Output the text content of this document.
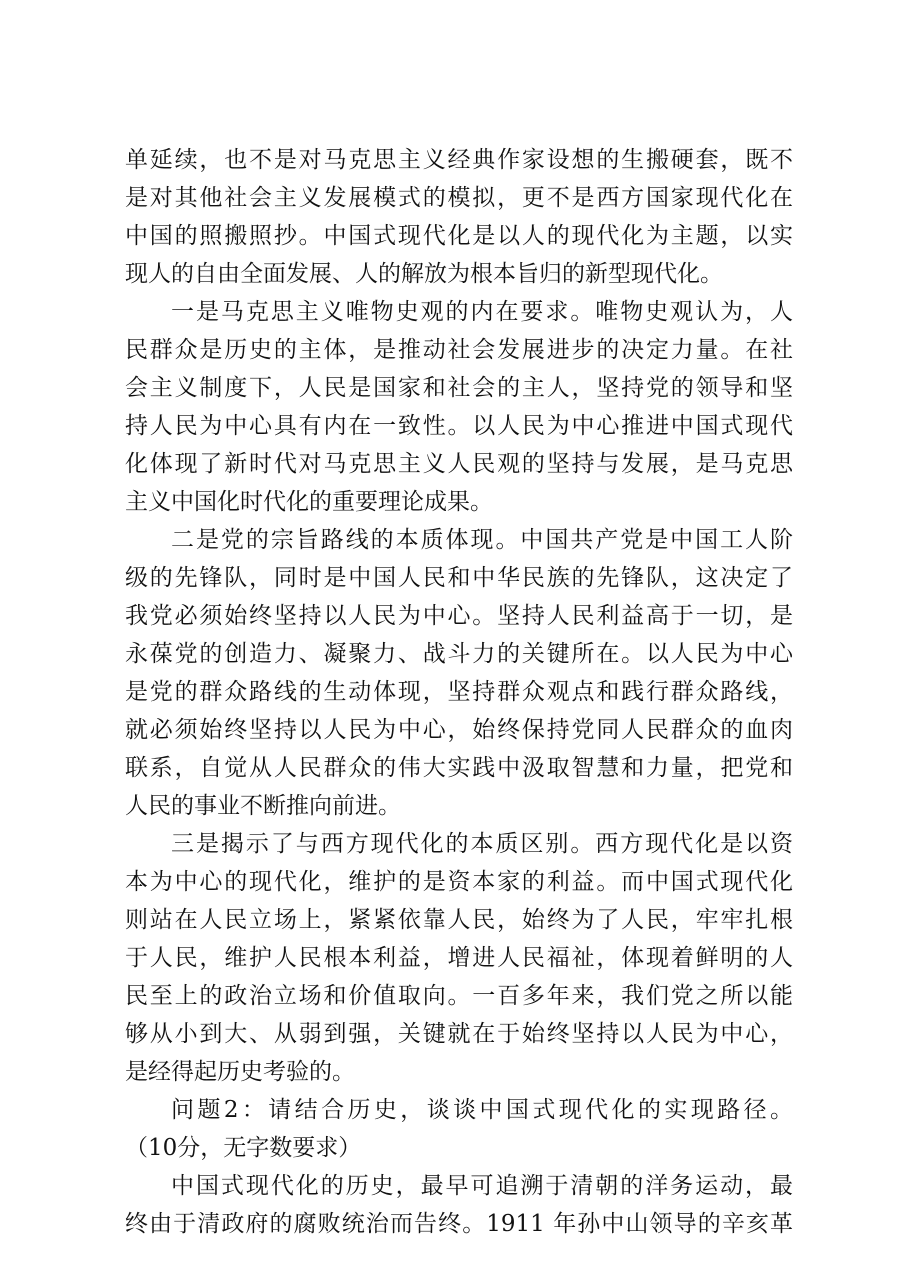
单延续，也不是对马克思主义经典作家设想的生搬硬套，既不
是对其他社会主义发展模式的模拟，更不是西方国家现代化在
中国的照搬照抄。中国式现代化是以人的现代化为主题，以实
现人的自由全面发展、人的解放为根本旨归的新型现代化。
一是马克思主义唯物史观的内在要求。唯物史观认为，人
民群众是历史的主体，是推动社会发展进步的决定力量。在社
会主义制度下，人民是国家和社会的主人，坚持党的领导和坚
持人民为中心具有内在一致性。以人民为中心推进中国式现代
化体现了新时代对马克思主义人民观的坚持与发展，是马克思
主义中国化时代化的重要理论成果。
二是党的宗旨路线的本质体现。中国共产党是中国工人阶
级的先锋队，同时是中国人民和中华民族的先锋队，这决定了
我党必须始终坚持以人民为中心。坚持人民利益高于一切，是
永葆党的创造力、凝聚力、战斗力的关键所在。以人民为中心
是党的群众路线的生动体现，坚持群众观点和践行群众路线，
就必须始终坚持以人民为中心，始终保持党同人民群众的血肉
联系，自觉从人民群众的伟大实践中汲取智慧和力量，把党和
人民的事业不断推向前进。
三是揭示了与西方现代化的本质区别。西方现代化是以资
本为中心的现代化，维护的是资本家的利益。而中国式现代化
则站在人民立场上，紧紧依靠人民，始终为了人民，牢牢扎根
于人民，维护人民根本利益，增进人民福祉，体现着鲜明的人
民至上的政治立场和价值取向。一百多年来，我们党之所以能
够从小到大、从弱到强，关键就在于始终坚持以人民为中心，
是经得起历史考验的。
问题2：请结合历史，谈谈中国式现代化的实现路径。
（10分，无字数要求）
中国式现代化的历史，最早可追溯于清朝的洋务运动，最
终由于清政府的腐败统治而告终。1911 年孙中山领导的辛亥革
